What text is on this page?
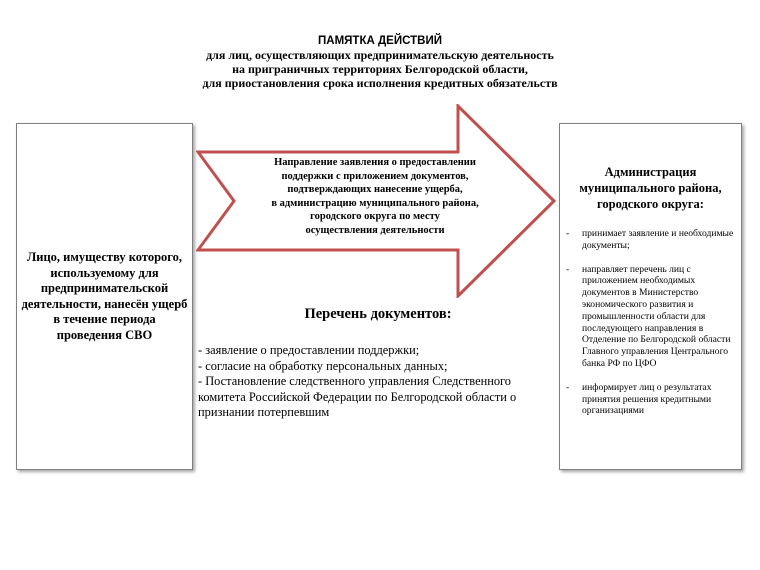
ПАМЯТКА ДЕЙСТВИЙ
для лиц, осуществляющих предпринимательскую деятельность
на приграничных территориях Белгородской области,
для приостановления срока исполнения кредитных обязательств
Лицо, имуществу которого, используемому для предпринимательской деятельности, нанесён ущерб в течение периода проведения СВО
Направление заявления о предоставлении
поддержки с приложением документов,
подтверждающих нанесение ущерба,
в администрацию муниципального района,
городского округа по месту
осуществления деятельности
Администрация муниципального района, городского округа:
- принимает заявление и необходимые документы;
- направляет перечень лиц с приложением необходимых документов в Министерство экономического развития и промышленности области для последующего направления в Отделение по Белгородской области Главного управления Центрального банка РФ по ЦФО
- информирует лиц о результатах принятия решения кредитными организациями
Перечень документов:
- заявление о предоставлении поддержки;
- согласие на обработку персональных данных;
- Постановление следственного управления Следственного комитета Российской Федерации по Белгородской области о признании потерпевшим
